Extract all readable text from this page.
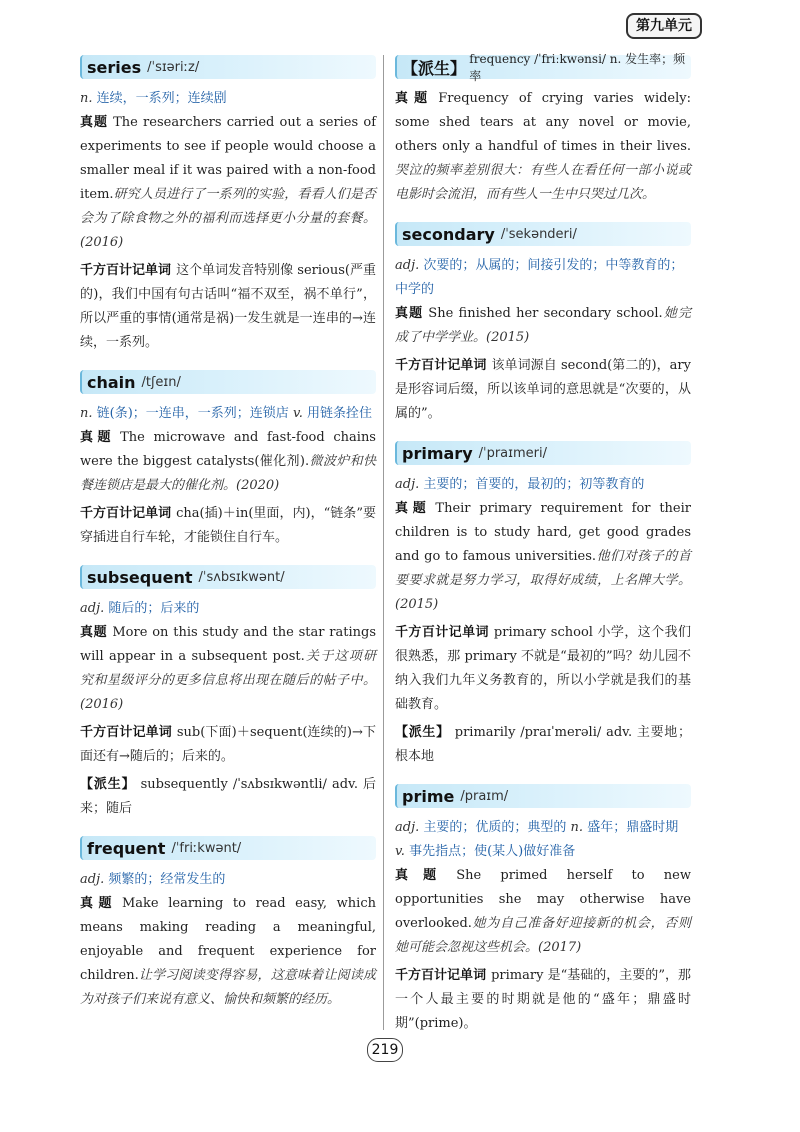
第九单元
series /ˈsɪəriːz/
n. 连续，一系列；连续剧

真题 The researchers carried out a series of experiments to see if people would choose a smaller meal if it was paired with a non-food item.研究人员进行了一系列的实验，看看人们是否会为了除食物之外的福利而选择更小分量的套餐。(2016)

千方百计记单词 这个单词发音特别像 serious(严重的)，我们中国有句古话叫“福不双至，祸不单行”，所以严重的事情(通常是祸)一发生就是一连串的→连续，一系列。

chain /tʃeɪn/
n. 链(条)；一连串，一系列；连锁店 v. 用链条拴住

真题 The microwave and fast-food chains were the biggest catalysts(催化剂).微波炉和快餐连锁店是最大的催化剂。(2020)

千方百计记单词 cha(插)＋in(里面，内)，“链条”要穿插进自行车轮，才能锁住自行车。

subsequent /ˈsʌbsɪkwənt/
adj. 随后的；后来的

真题 More on this study and the star ratings will appear in a subsequent post.关于这项研究和星级评分的更多信息将出现在随后的帖子中。(2016)

千方百计记单词 sub(下面)＋sequent(连续的)→下面还有→随后的；后来的。

【派生】 subsequently /ˈsʌbsɪkwəntli/ adv. 后来；随后

frequent /ˈfriːkwənt/
adj. 频繁的；经常发生的

真题 Make learning to read easy, which means making reading a meaningful, enjoyable and frequent experience for children.让学习阅读变得容易，这意味着让阅读成为对孩子们来说有意义、愉快和频繁的经历。

【派生】 frequency /ˈfriːkwənsi/ n. 发生率；频率

真题 Frequency of crying varies widely: some shed tears at any novel or movie, others only a handful of times in their lives.哭泣的频率差别很大：有些人在看任何一部小说或电影时会流泪，而有些人一生中只哭过几次。

secondary /ˈsekənderi/
adj. 次要的；从属的；间接引发的；中等教育的；中学的

真题 She finished her secondary school.她完成了中学学业。(2015)

千方百计记单词 该单词源自 second(第二的)，ary 是形容词后缀，所以该单词的意思就是“次要的，从属的”。

primary /ˈpraɪmeri/
adj. 主要的；首要的，最初的；初等教育的

真题 Their primary requirement for their children is to study hard, get good grades and go to famous universities.他们对孩子的首要要求就是努力学习，取得好成绩，上名牌大学。(2015)

千方百计记单词 primary school 小学，这个我们很熟悉，那 primary 不就是“最初的”吗？幼儿园不纳入我们九年义务教育的，所以小学就是我们的基础教育。

【派生】 primarily /praɪˈmerəli/ adv. 主要地；根本地

prime /praɪm/
adj. 主要的；优质的；典型的 n. 盛年；鼎盛时期 v. 事先指点；使(某人)做好准备

真题 She primed herself to new opportunities she may otherwise have overlooked.她为自己准备好迎接新的机会，否则她可能会忽视这些机会。(2017)

千方百计记单词 primary 是“基础的，主要的”，那一个人最主要的时期就是他的“盛年；鼎盛时期”(prime)。

219
